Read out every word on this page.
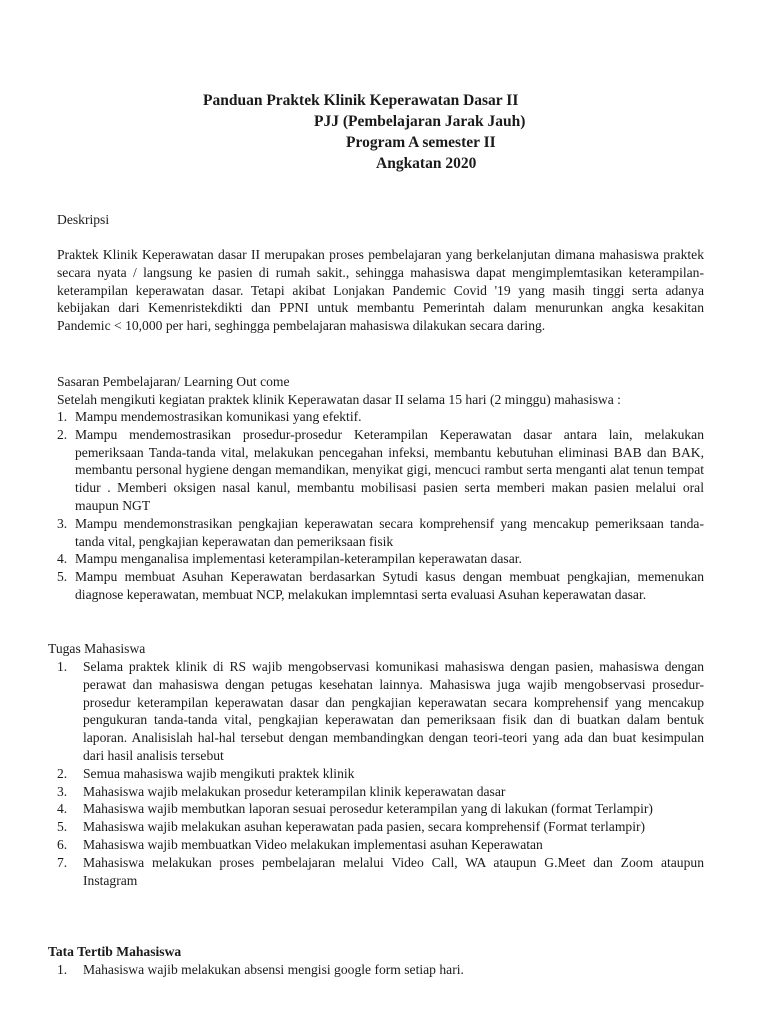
Panduan Praktek Klinik Keperawatan Dasar II
PJJ (Pembelajaran Jarak Jauh)
Program A semester II
Angkatan 2020
Deskripsi
Praktek Klinik Keperawatan dasar II merupakan proses pembelajaran yang berkelanjutan dimana mahasiswa praktek secara nyata / langsung ke pasien di rumah sakit., sehingga mahasiswa dapat mengimplemtasikan keterampilan-keterampilan keperawatan dasar. Tetapi akibat Lonjakan Pandemic Covid '19 yang masih tinggi serta adanya kebijakan dari Kemenristekdikti dan PPNI untuk membantu Pemerintah dalam menurunkan angka kesakitan Pandemic < 10,000 per hari, seghingga pembelajaran mahasiswa dilakukan secara daring.
Sasaran Pembelajaran/ Learning Out come
Setelah mengikuti kegiatan praktek klinik Keperawatan dasar II selama 15 hari (2 minggu) mahasiswa :
1. Mampu mendemostrasikan komunikasi yang efektif.
2. Mampu mendemostrasikan prosedur-prosedur Keterampilan Keperawatan dasar antara lain, melakukan pemeriksaan Tanda-tanda vital, melakukan pencegahan infeksi, membantu kebutuhan eliminasi BAB dan BAK, membantu personal hygiene dengan memandikan, menyikat gigi, mencuci rambut serta menganti alat tenun tempat tidur . Memberi oksigen nasal kanul, membantu mobilisasi pasien serta memberi makan pasien melalui oral maupun NGT
3. Mampu mendemonstrasikan pengkajian keperawatan secara komprehensif yang mencakup pemeriksaan tanda-tanda vital, pengkajian keperawatan dan pemeriksaan fisik
4. Mampu menganalisa implementasi keterampilan-keterampilan keperawatan dasar.
5. Mampu membuat Asuhan Keperawatan berdasarkan Sytudi kasus dengan membuat pengkajian, memenukan diagnose keperawatan, membuat NCP, melakukan implemntasi serta evaluasi Asuhan keperawatan dasar.
Tugas Mahasiswa
1. Selama praktek klinik di RS wajib mengobservasi komunikasi mahasiswa dengan pasien, mahasiswa dengan perawat dan mahasiswa dengan petugas kesehatan lainnya. Mahasiswa juga wajib mengobservasi prosedur-prosedur keterampilan keperawatan dasar dan pengkajian keperawatan secara komprehensif yang mencakup pengukuran tanda-tanda vital, pengkajian keperawatan dan pemeriksaan fisik dan di buatkan dalam bentuk laporan. Analisislah hal-hal tersebut dengan membandingkan dengan teori-teori yang ada dan buat kesimpulan dari hasil analisis tersebut
2. Semua mahasiswa wajib mengikuti praktek klinik
3. Mahasiswa wajib melakukan prosedur keterampilan klinik keperawatan dasar
4. Mahasiswa wajib membutkan laporan sesuai perosedur keterampilan yang di lakukan (format Terlampir)
5. Mahasiswa wajib melakukan asuhan keperawatan pada pasien, secara komprehensif (Format terlampir)
6. Mahasiswa wajib membuatkan Video melakukan implementasi asuhan Keperawatan
7. Mahasiswa melakukan proses pembelajaran melalui Video Call, WA ataupun G.Meet dan Zoom ataupun Instagram
Tata Tertib Mahasiswa
1. Mahasiswa wajib melakukan absensi mengisi google form setiap hari.
